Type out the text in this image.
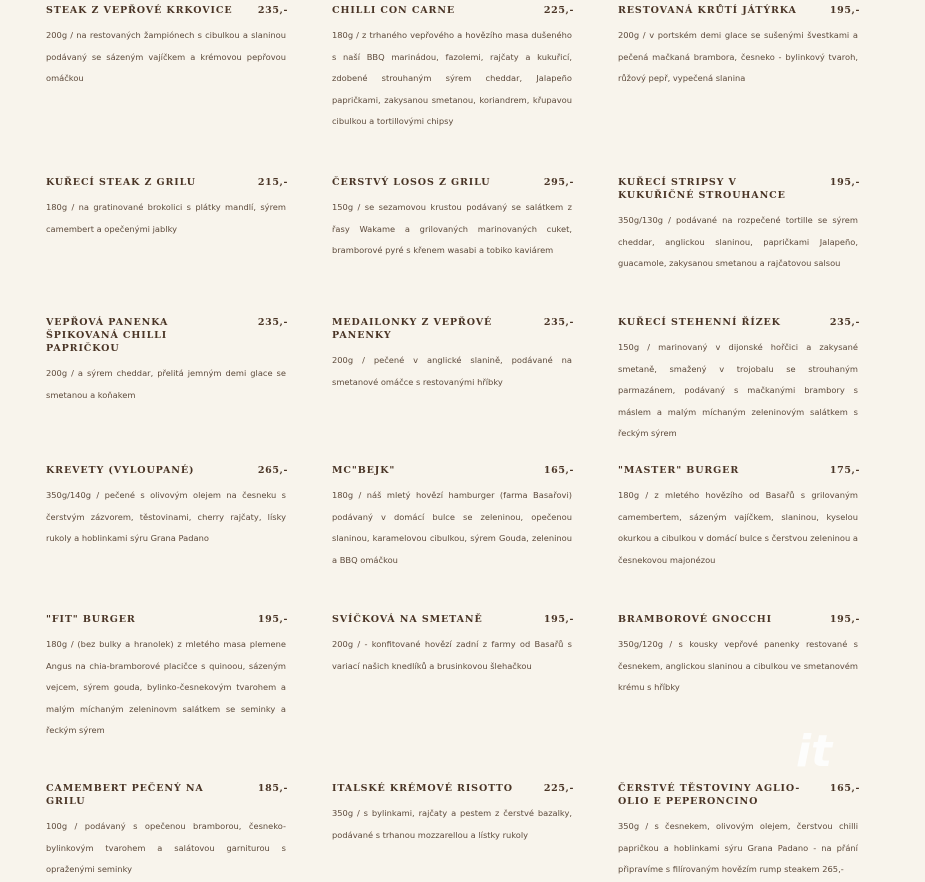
STEAK Z VEPŘOVÉ KRKOVICE	235,-
200g / na restovaných žampiónech s cibulkou a slaninou podávaný se sázeným vajíčkem a krémovou pepřovou omáčkou
CHILLI CON CARNE	225,-
180g / z trhaného vepřového a hovězího masa dušeného s naší BBQ marinádou, fazolemi, rajčaty a kukuřicí, zdobené strouhaným sýrem cheddar, Jalapeño papričkami, zakysanou smetanou, koriandrem, křupavou cibulkou a tortillovými chipsy
RESTOVANÁ KRŮTÍ JÁTÝRKA	195,-
200g / v portském demi glace se sušenými švestkami a pečená mačkaná brambora, česneko - bylinkový tvaroh, růžový pepř, vypečená slanina
KUŘECÍ STEAK Z GRILU	215,-
180g / na gratinované brokolici s plátky mandlí, sýrem camembert a opečenými jablky
ČERSTVÝ LOSOS Z GRILU	295,-
150g / se sezamovou krustou podávaný se salátkem z řasy Wakame a grilovaných marinovaných cuket, bramborové pyré s křenem wasabi a tobiko kaviárem
KUŘECÍ STRIPSY V KUKUŘIČNÉ STROUHANCE
195,-
350g/130g / podávané na rozpečené tortille se sýrem cheddar, anglickou slaninou, papričkami Jalapeño, guacamole, zakysanou smetanou a rajčatovou salsou
VEPŘOVÁ PANENKA ŠPIKOVANÁ CHILLI PAPRIČKOU
235,-
200g / a sýrem cheddar, přelitá jemným demi glace se smetanou a koňakem
MEDAILONKY Z VEPŘOVÉ PANENKY
235,-
200g / pečené v anglické slanině, podávané na smetanové omáčce s restovanými hříbky
KUŘECÍ STEHENNÍ ŘÍZEK	235,-
150g / marinovaný v dijonské hořčici a zakysané smetaně, smažený v trojobalu se strouhaným parmazánem, podávaný s mačkanými brambory s máslem a malým míchaným zeleninovým salátkem s řeckým sýrem
KREVETY (VYLOUPANÉ)	265,-
350g/140g / pečené s olivovým olejem na česneku s čerstvým zázvorem, těstovinami, cherry rajčaty, lísky rukoly a hoblinkami sýru Grana Padano
MC"BEJK"	165,-
180g / náš mletý hovězí hamburger (farma Basařovi) podávaný v domácí bulce se zeleninou, opečenou slaninou, karamelovou cibulkou, sýrem Gouda, zeleninou a BBQ omáčkou
"MASTER" BURGER	175,-
180g / z mletého hovězího od Basařů s grilovaným camembertem, sázeným vajíčkem, slaninou, kyselou okurkou a cibulkou v domácí bulce s čerstvou zeleninou a česnekovou majonézou
"FIT" BURGER	195,-
180g / (bez bulky a hranolek) z mletého masa plemene Angus na chia-bramborové placičce s quinoou, sázeným vejcem, sýrem gouda, bylinko-česnekovým tvarohem a malým míchaným zeleninovm salátkem se seminky a řeckým sýrem
SVÍČKOVÁ NA SMETANĚ	195,-
200g / - konfitované hovězí zadní z farmy od Basařů s variací našich knedlíků a brusinkovou šlehačkou
BRAMBOROVÉ GNOCCHI	195,-
350g/120g / s kousky vepřové panenky restované s česnekem, anglickou slaninou a cibulkou ve smetanovém krému s hříbky
CAMEMBERT PEČENÝ NA GRILU
185,-
100g / podávaný s opečenou bramborou, česneko-bylinkovým tvarohem a salátovou garniturou s opraženými seminky
ITALSKÉ KRÉMOVÉ RISOTTO	225,-
350g / s bylinkami, rajčaty a pestem z čerstvé bazalky, podávané s trhanou mozzarellou a lístky rukoly
ČERSTVÉ TĚSTOVINY AGLIO-OLIO E PEPERONCINO
165,-
350g / s česnekem, olivovým olejem, čerstvou chilli papričkou a hoblinkami sýru Grana Padano - na přání připravíme s filírovaným hovězím rump steakem 265,-
it
